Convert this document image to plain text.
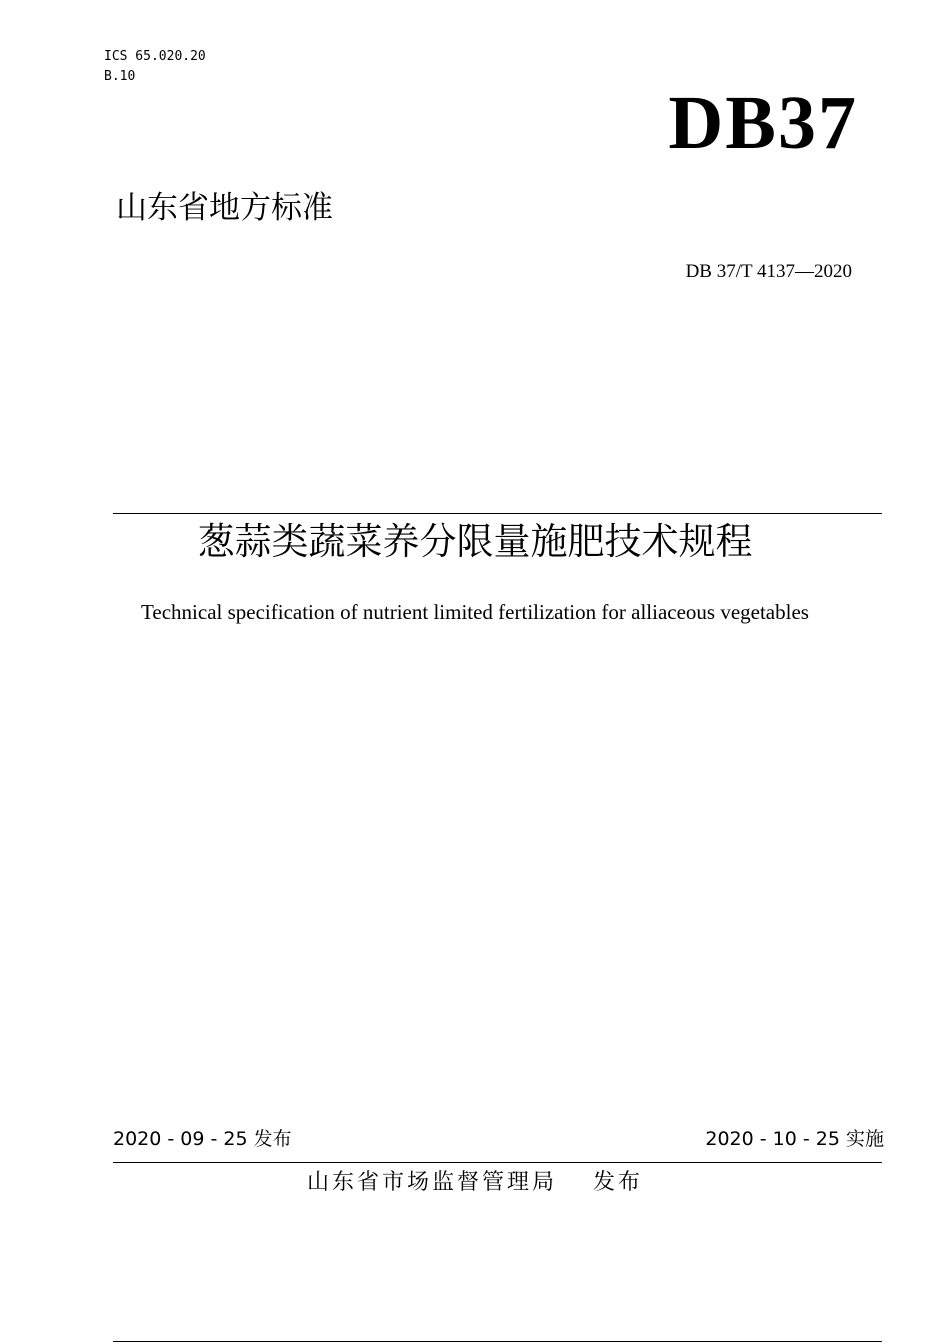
ICS 65.020.20
B.10
DB37
山东省地方标准
DB 37/T 4137—2020
葱蒜类蔬菜养分限量施肥技术规程
Technical specification of nutrient limited fertilization for alliaceous vegetables
2020 - 09 - 25 发布	2020 - 10 - 25 实施
山东省市场监督管理局 发布
